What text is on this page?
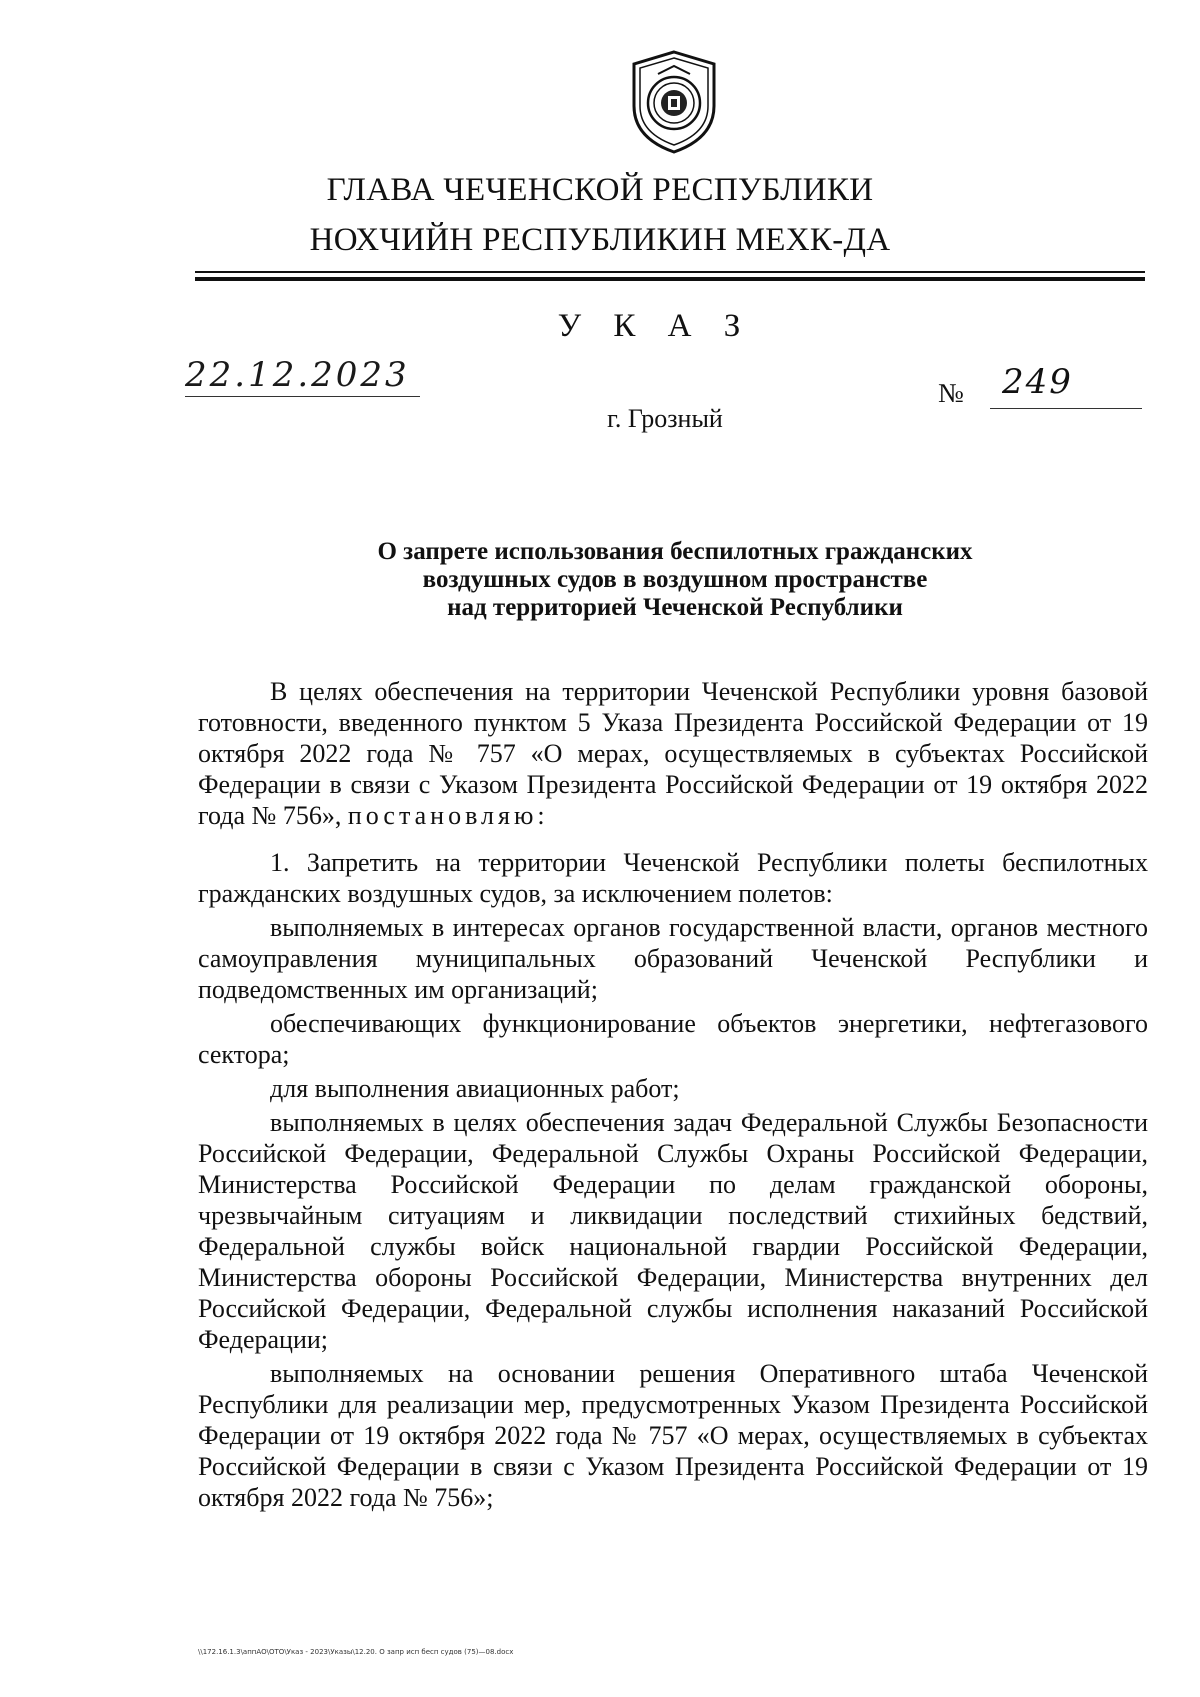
ГЛАВА ЧЕЧЕНСКОЙ РЕСПУБЛИКИ
НОХЧИЙН РЕСПУБЛИКИН МЕХК-ДА
У К А З
22.12.2023	№ 249
г. Грозный
О запрете использования беспилотных гражданских
воздушных судов в воздушном пространстве
над территорией Чеченской Республики

В целях обеспечения на территории Чеченской Республики уровня базовой готовности, введенного пунктом 5 Указа Президента Российской Федерации от 19 октября 2022 года № 757 «О мерах, осуществляемых в субъектах Российской Федерации в связи с Указом Президента Российской Федерации от 19 октября 2022 года № 756», постановляю:

1. Запретить на территории Чеченской Республики полеты беспилотных гражданских воздушных судов, за исключением полетов:

выполняемых в интересах органов государственной власти, органов местного самоуправления муниципальных образований Чеченской Республики и подведомственных им организаций;

обеспечивающих функционирование объектов энергетики, нефтегазового сектора;

для выполнения авиационных работ;

выполняемых в целях обеспечения задач Федеральной Службы Безопасности Российской Федерации, Федеральной Службы Охраны Российской Федерации, Министерства Российской Федерации по делам гражданской обороны, чрезвычайным ситуациям и ликвидации последствий стихийных бедствий, Федеральной службы войск национальной гвардии Российской Федерации, Министерства обороны Российской Федерации, Министерства внутренних дел Российской Федерации, Федеральной службы исполнения наказаний Российской Федерации;

выполняемых на основании решения Оперативного штаба Чеченской Республики для реализации мер, предусмотренных Указом Президента Российской Федерации от 19 октября 2022 года № 757 «О мерах, осуществляемых в субъектах Российской Федерации в связи с Указом Президента Российской Федерации от 19 октября 2022 года № 756»;

\\172.16.1.3\аппАО\ОТО\Указ - 2023\Указы\12.20. О запр исп бесп судов (75)—08.docx
